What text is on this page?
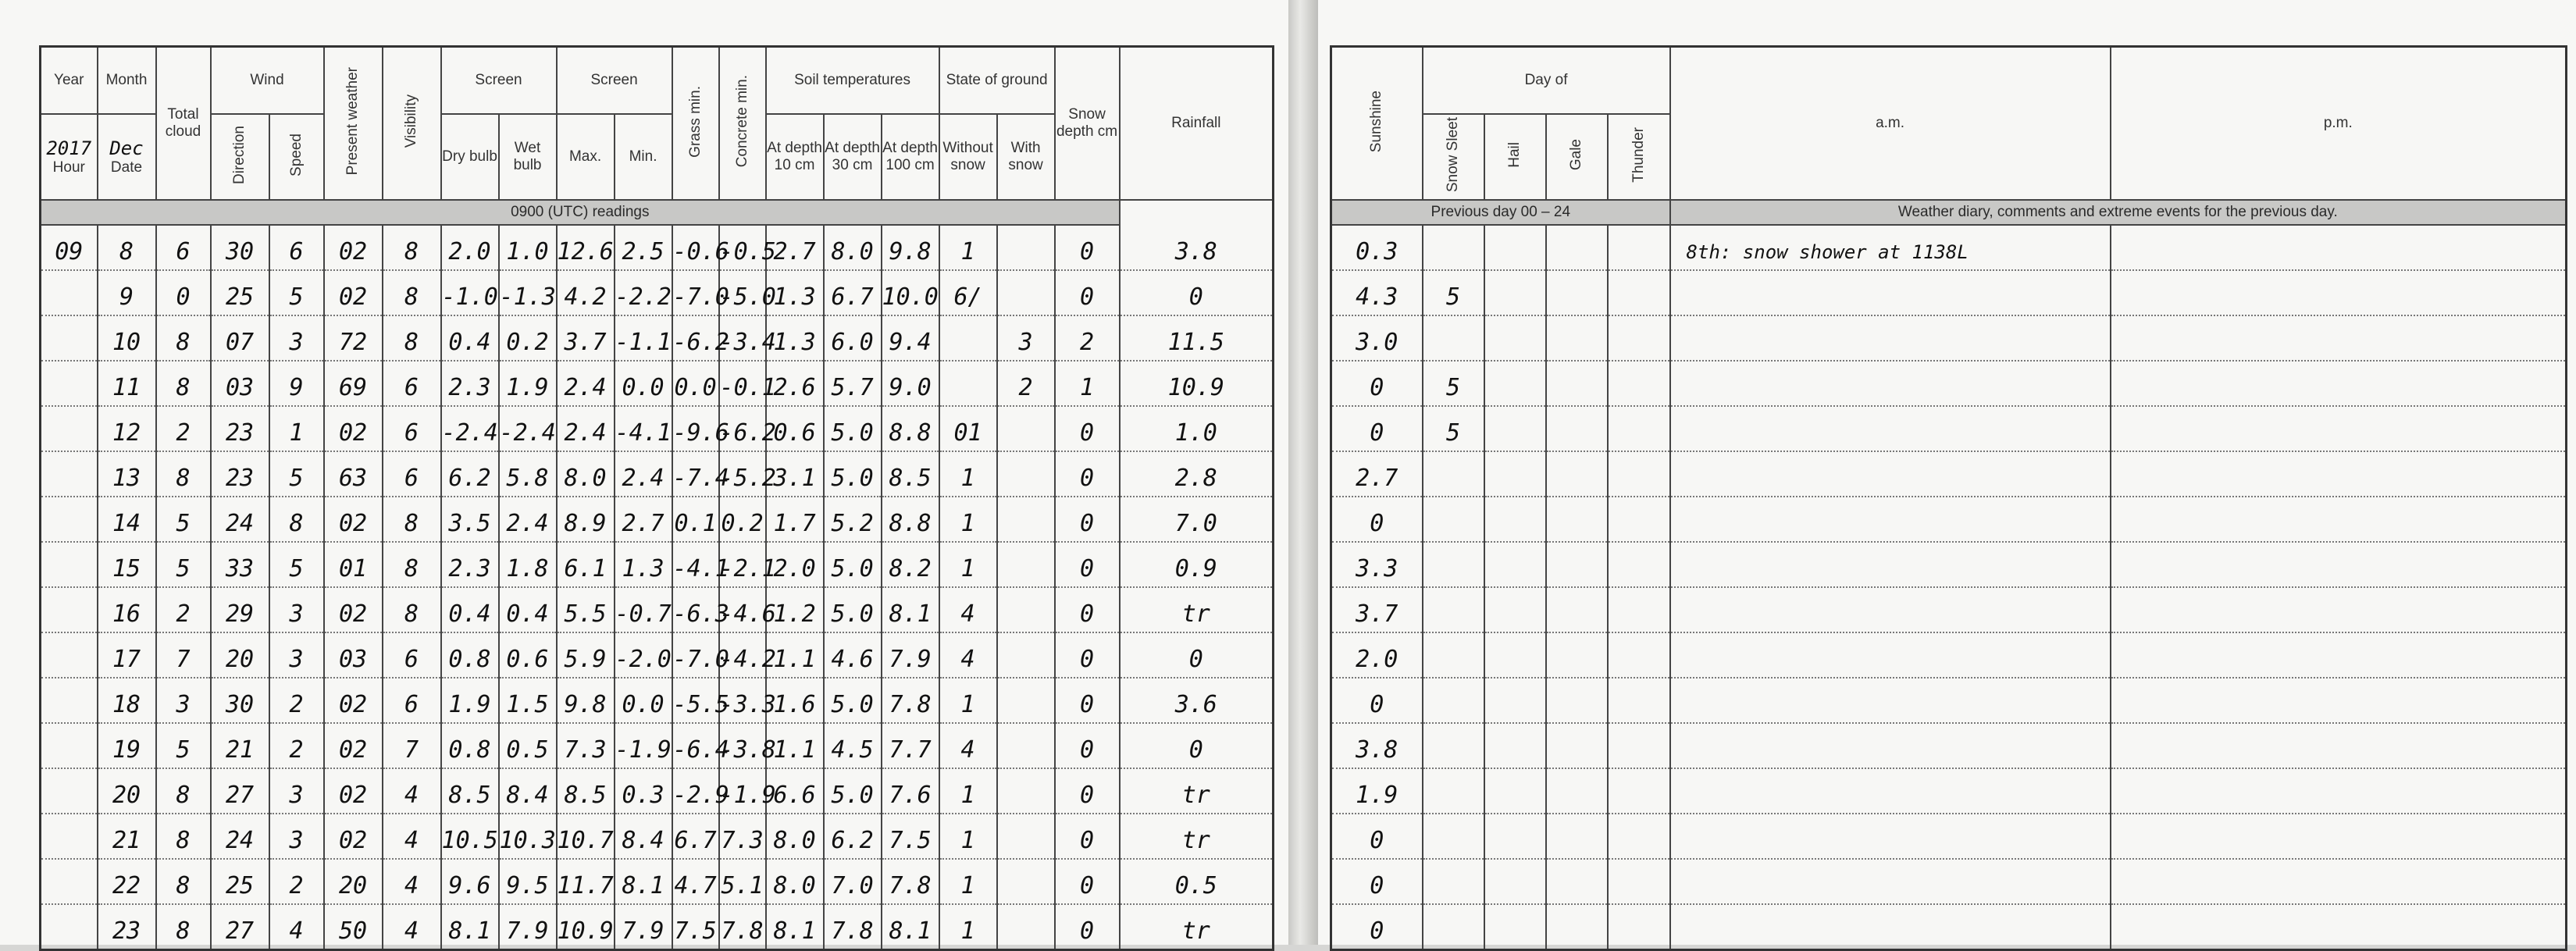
Year	Month	Total cloud	Wind		Present weather	Visibility	Screen		Screen		Grass min.	Concrete min.	Soil temperatures			State of ground		Snow depth cm	Rainfall

2017
Hour	Dec
Date		Direction	Speed			Dry bulb	Wet bulb	Max.	Min.			At depth 10 cm	At depth 30 cm	At depth 100 cm	Without snow	With snow		
0900 (UTC) readings																			

09	8	6	30	6	02	8	2.0	1.0	12.6	2.5	-0.6	-0.5	2.7	8.0	9.8	1		0	3.8

	9	0	25	5	02	8	-1.0	-1.3	4.2	-2.2	-7.0	-5.0	1.3	6.7	10.0	6/		0	0

	10	8	07	3	72	8	0.4	0.2	3.7	-1.1	-6.2	-3.4	1.3	6.0	9.4		3	2	11.5

	11	8	03	9	69	6	2.3	1.9	2.4	0.0	0.0	-0.1	2.6	5.7	9.0		2	1	10.9

	12	2	23	1	02	6	-2.4	-2.4	2.4	-4.1	-9.6	-6.2	0.6	5.0	8.8	01		0	1.0

	13	8	23	5	63	6	6.2	5.8	8.0	2.4	-7.4	-5.2	3.1	5.0	8.5	1		0	2.8

	14	5	24	8	02	8	3.5	2.4	8.9	2.7	0.1	0.2	1.7	5.2	8.8	1		0	7.0

	15	5	33	5	01	8	2.3	1.8	6.1	1.3	-4.1	-2.1	2.0	5.0	8.2	1		0	0.9

	16	2	29	3	02	8	0.4	0.4	5.5	-0.7	-6.3	-4.6	1.2	5.0	8.1	4		0	tr

	17	7	20	3	03	6	0.8	0.6	5.9	-2.0	-7.0	-4.2	1.1	4.6	7.9	4		0	0

	18	3	30	2	02	6	1.9	1.5	9.8	0.0	-5.5	-3.3	1.6	5.0	7.8	1		0	3.6

	19	5	21	2	02	7	0.8	0.5	7.3	-1.9	-6.4	-3.8	1.1	4.5	7.7	4		0	0

	20	8	27	3	02	4	8.5	8.4	8.5	0.3	-2.9	-1.9	6.6	5.0	7.6	1		0	tr

	21	8	24	3	02	4	10.5	10.3	10.7	8.4	6.7	7.3	8.0	6.2	7.5	1		0	tr

	22	8	25	2	20	4	9.6	9.5	11.7	8.1	4.7	5.1	8.0	7.0	7.8	1		0	0.5

	23	8	27	4	50	4	8.1	7.9	10.9	7.9	7.5	7.8	8.1	7.8	8.1	1		0	tr
Sunshine	Day of				a.m.	p.m.
	Snow Sleet	Hail	Gale	Thunder		
Previous day 00 – 24					Weather diary, comments and extreme events for the previous day.	

0.3					8th: snow shower at 1138L	

4.3	5					

3.0						

0	5					

0	5					

2.7						

0						

3.3						

3.7						

2.0						

0						

3.8						

1.9						

0						

0						

0						
